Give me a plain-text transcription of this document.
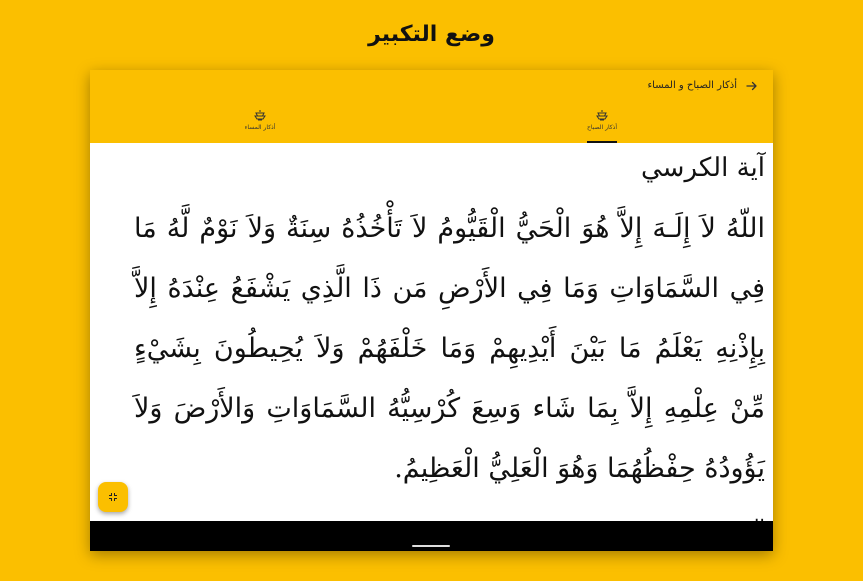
وضع التكبير
أذكار الصباح و المساء
أذكار الصباح
أذكار المساء
آية الكرسي
اللّهُ لاَ إِلَـهَ إِلاَّ هُوَ الْحَيُّ الْقَيُّومُ لاَ تَأْخُذُهُ سِنَةٌ وَلاَ نَوْمٌ لَّهُ مَا فِي السَّمَاوَاتِ وَمَا فِي الأَرْضِ مَن ذَا الَّذِي يَشْفَعُ عِنْدَهُ إِلاَّ بِإِذْنِهِ يَعْلَمُ مَا بَيْنَ أَيْدِيهِمْ وَمَا خَلْفَهُمْ وَلاَ يُحِيطُونَ بِشَيْءٍ مِّنْ عِلْمِهِ إِلاَّ بِمَا شَاء وَسِعَ كُرْسِيُّهُ السَّمَاوَاتِ وَالأَرْضَ وَلاَ يَؤُودُهُ حِفْظُهُمَا وَهُوَ الْعَلِيُّ الْعَظِيمُ.
